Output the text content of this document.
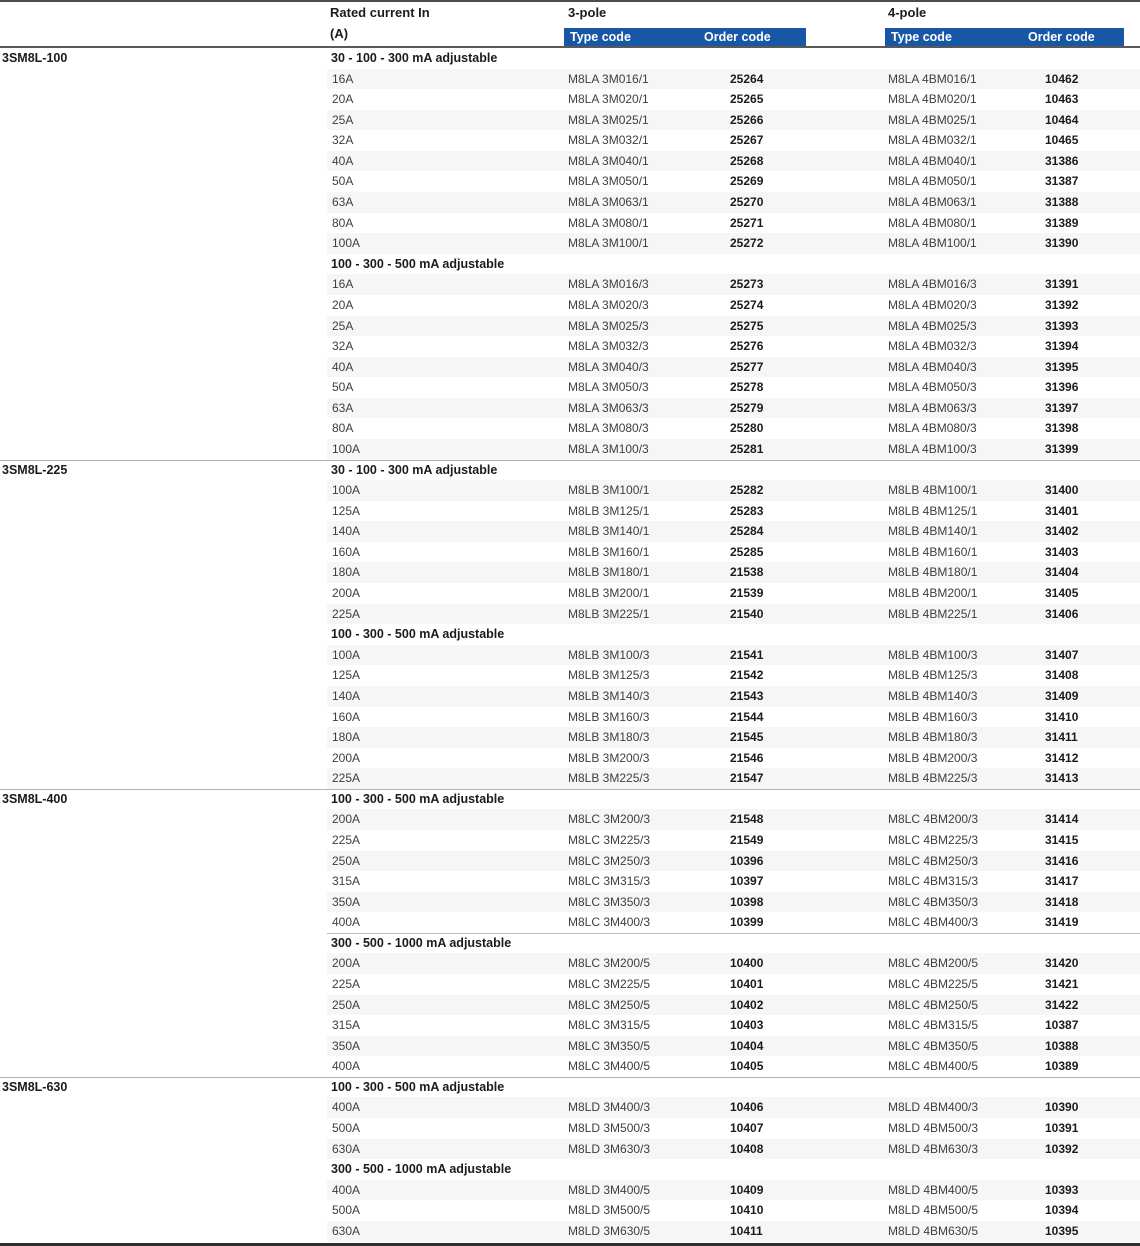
Rated current In
(A)
3-pole	4-pole
Type code	Order code	Type code	Order code
3SM8L-100	30 - 100 - 300 mA adjustable
16A	M8LA 3M016/1	25264	M8LA 4BM016/1	10462
20A	M8LA 3M020/1	25265	M8LA 4BM020/1	10463
25A	M8LA 3M025/1	25266	M8LA 4BM025/1	10464
32A	M8LA 3M032/1	25267	M8LA 4BM032/1	10465
40A	M8LA 3M040/1	25268	M8LA 4BM040/1	31386
50A	M8LA 3M050/1	25269	M8LA 4BM050/1	31387
63A	M8LA 3M063/1	25270	M8LA 4BM063/1	31388
80A	M8LA 3M080/1	25271	M8LA 4BM080/1	31389
100A	M8LA 3M100/1	25272	M8LA 4BM100/1	31390
100 - 300 - 500 mA adjustable
16A	M8LA 3M016/3	25273	M8LA 4BM016/3	31391
20A	M8LA 3M020/3	25274	M8LA 4BM020/3	31392
25A	M8LA 3M025/3	25275	M8LA 4BM025/3	31393
32A	M8LA 3M032/3	25276	M8LA 4BM032/3	31394
40A	M8LA 3M040/3	25277	M8LA 4BM040/3	31395
50A	M8LA 3M050/3	25278	M8LA 4BM050/3	31396
63A	M8LA 3M063/3	25279	M8LA 4BM063/3	31397
80A	M8LA 3M080/3	25280	M8LA 4BM080/3	31398
100A	M8LA 3M100/3	25281	M8LA 4BM100/3	31399
3SM8L-225	30 - 100 - 300 mA adjustable
100A	M8LB 3M100/1	25282	M8LB 4BM100/1	31400
125A	M8LB 3M125/1	25283	M8LB 4BM125/1	31401
140A	M8LB 3M140/1	25284	M8LB 4BM140/1	31402
160A	M8LB 3M160/1	25285	M8LB 4BM160/1	31403
180A	M8LB 3M180/1	21538	M8LB 4BM180/1	31404
200A	M8LB 3M200/1	21539	M8LB 4BM200/1	31405
225A	M8LB 3M225/1	21540	M8LB 4BM225/1	31406
100 - 300 - 500 mA adjustable
100A	M8LB 3M100/3	21541	M8LB 4BM100/3	31407
125A	M8LB 3M125/3	21542	M8LB 4BM125/3	31408
140A	M8LB 3M140/3	21543	M8LB 4BM140/3	31409
160A	M8LB 3M160/3	21544	M8LB 4BM160/3	31410
180A	M8LB 3M180/3	21545	M8LB 4BM180/3	31411
200A	M8LB 3M200/3	21546	M8LB 4BM200/3	31412
225A	M8LB 3M225/3	21547	M8LB 4BM225/3	31413
3SM8L-400	100 - 300 - 500 mA adjustable
200A	M8LC 3M200/3	21548	M8LC 4BM200/3	31414
225A	M8LC 3M225/3	21549	M8LC 4BM225/3	31415
250A	M8LC 3M250/3	10396	M8LC 4BM250/3	31416
315A	M8LC 3M315/3	10397	M8LC 4BM315/3	31417
350A	M8LC 3M350/3	10398	M8LC 4BM350/3	31418
400A	M8LC 3M400/3	10399	M8LC 4BM400/3	31419
300 - 500 - 1000 mA adjustable
200A	M8LC 3M200/5	10400	M8LC 4BM200/5	31420
225A	M8LC 3M225/5	10401	M8LC 4BM225/5	31421
250A	M8LC 3M250/5	10402	M8LC 4BM250/5	31422
315A	M8LC 3M315/5	10403	M8LC 4BM315/5	10387
350A	M8LC 3M350/5	10404	M8LC 4BM350/5	10388
400A	M8LC 3M400/5	10405	M8LC 4BM400/5	10389
3SM8L-630	100 - 300 - 500 mA adjustable
400A	M8LD 3M400/3	10406	M8LD 4BM400/3	10390
500A	M8LD 3M500/3	10407	M8LD 4BM500/3	10391
630A	M8LD 3M630/3	10408	M8LD 4BM630/3	10392
300 - 500 - 1000 mA adjustable
400A	M8LD 3M400/5	10409	M8LD 4BM400/5	10393
500A	M8LD 3M500/5	10410	M8LD 4BM500/5	10394
630A	M8LD 3M630/5	10411	M8LD 4BM630/5	10395
